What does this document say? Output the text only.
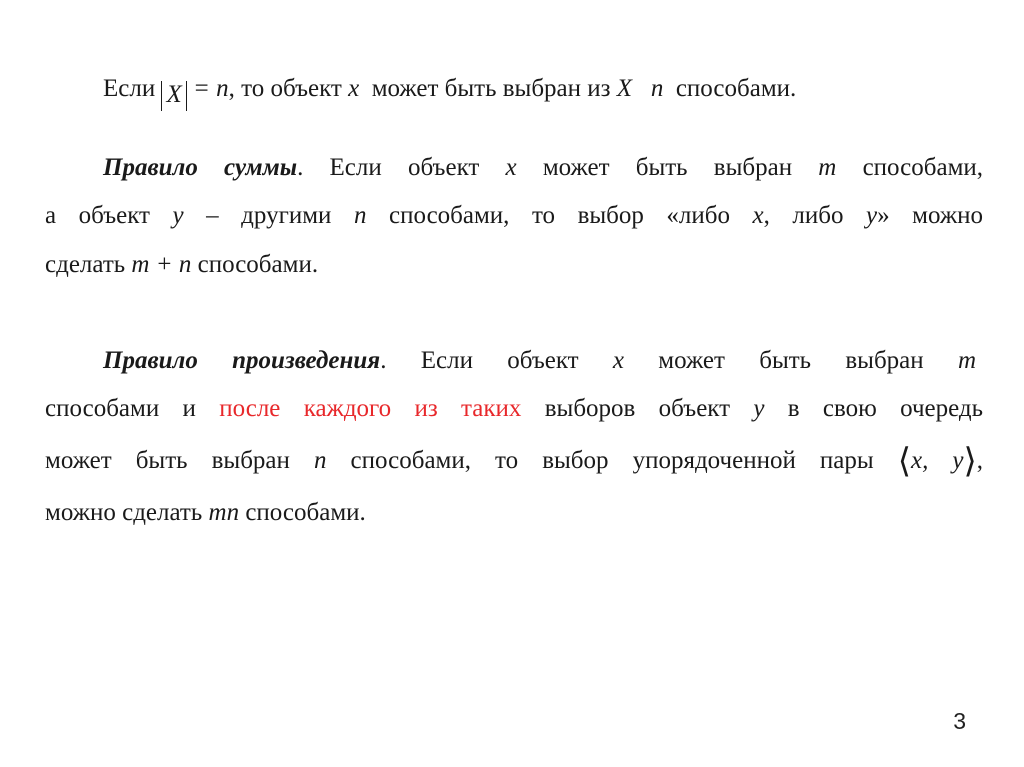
Если X = n, то объект x может быть выбран из X n способами.
Правило суммы. Если объект x может быть выбран m способами,
а объект y – другими n способами, то выбор «либо x, либо y» можно
сделать m + n способами.
Правило произведения. Если объект x может быть выбран m
способами и после каждого из таких выборов объект y в свою очередь
может быть выбран n способами, то выбор упорядоченной пары ⟨x, y⟩,
можно сделать mn способами.
3
